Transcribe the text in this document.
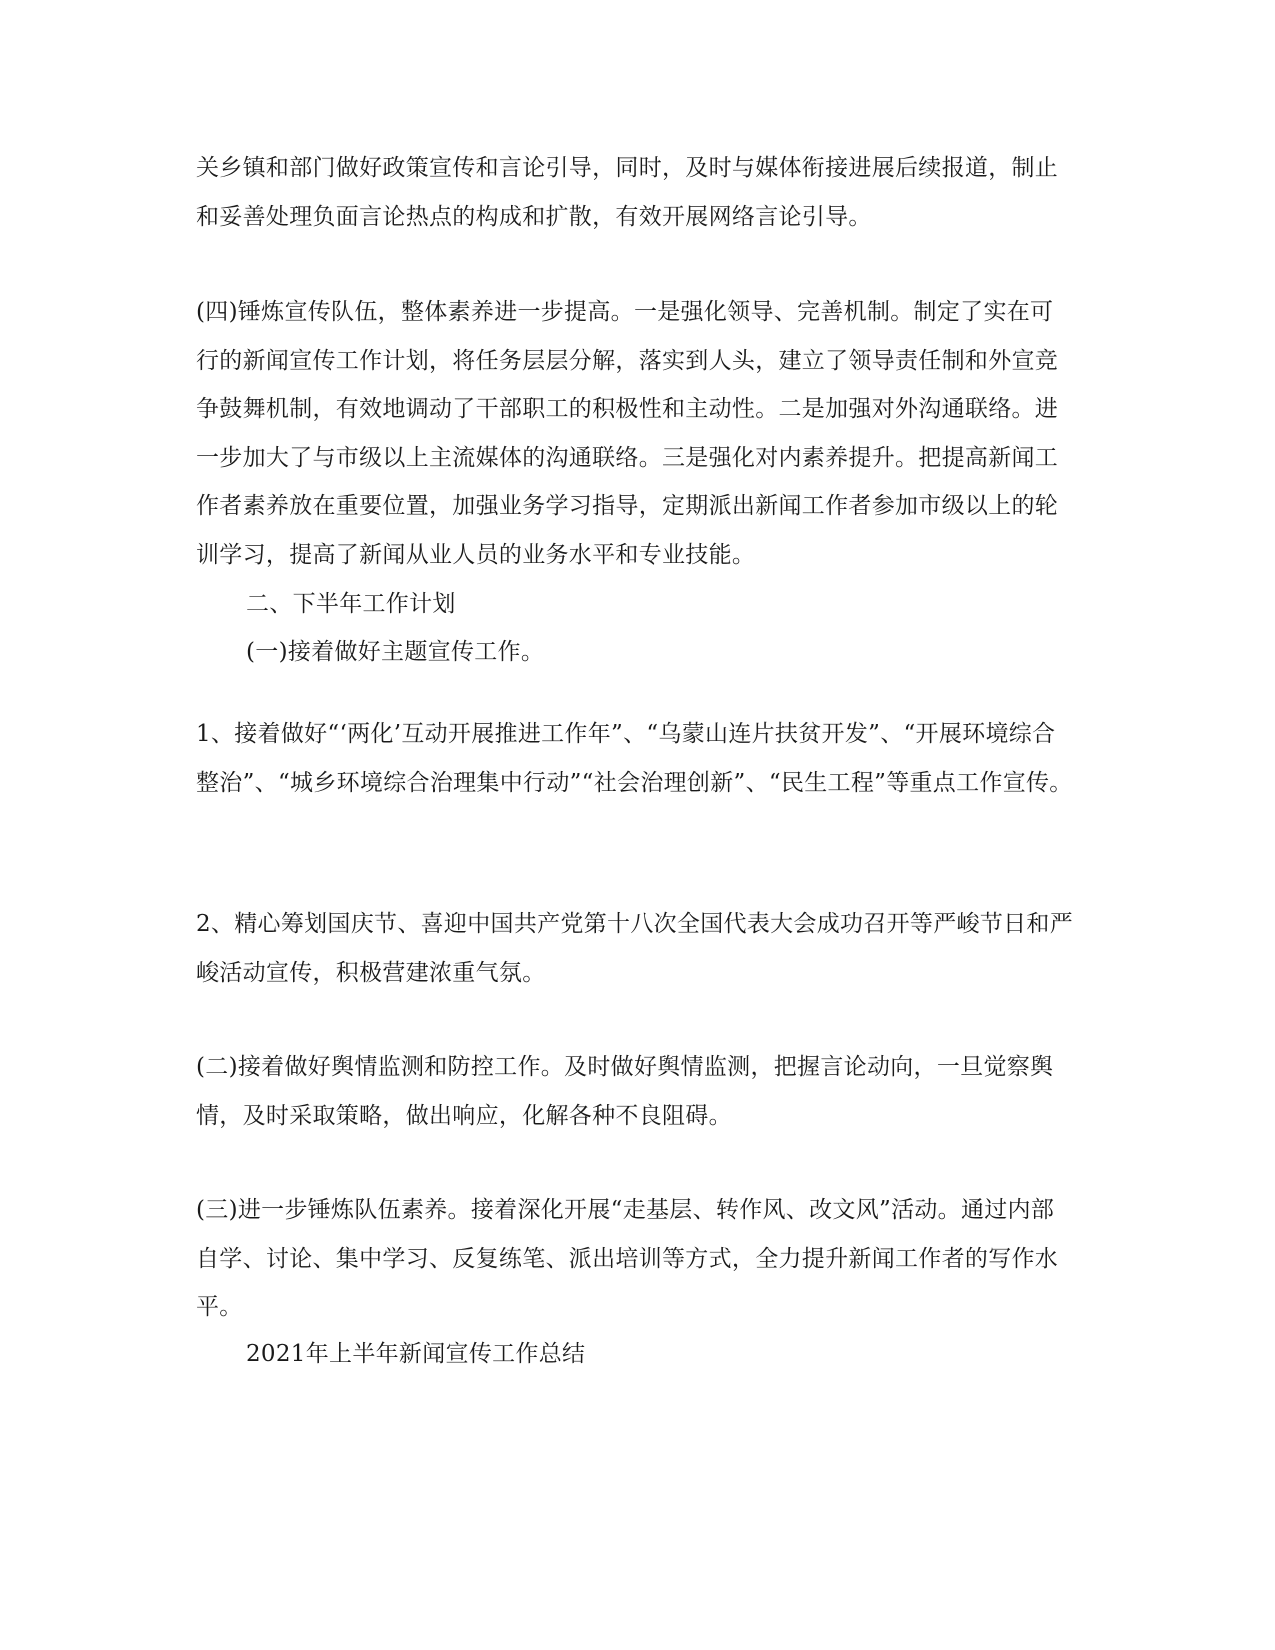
关乡镇和部门做好政策宣传和言论引导，同时，及时与媒体衔接进展后续报道，制止和妥善处理负面言论热点的构成和扩散，有效开展网络言论引导。

(四)锤炼宣传队伍，整体素养进一步提高。一是强化领导、完善机制。制定了实在可行的新闻宣传工作计划，将任务层层分解，落实到人头，建立了领导责任制和外宣竞争鼓舞机制，有效地调动了干部职工的积极性和主动性。二是加强对外沟通联络。进一步加大了与市级以上主流媒体的沟通联络。三是强化对内素养提升。把提高新闻工作者素养放在重要位置，加强业务学习指导，定期派出新闻工作者参加市级以上的轮训学习，提高了新闻从业人员的业务水平和专业技能。

二、下半年工作计划

(一)接着做好主题宣传工作。

1、接着做好“‘两化’互动开展推进工作年”、“乌蒙山连片扶贫开发”、“开展环境综合整治”、“城乡环境综合治理集中行动”“社会治理创新”、“民生工程”等重点工作宣传。

2、精心筹划国庆节、喜迎中国共产党第十八次全国代表大会成功召开等严峻节日和严峻活动宣传，积极营建浓重气氛。

(二)接着做好舆情监测和防控工作。及时做好舆情监测，把握言论动向，一旦觉察舆情，及时采取策略，做出响应，化解各种不良阻碍。

(三)进一步锤炼队伍素养。接着深化开展“走基层、转作风、改文风”活动。通过内部自学、讨论、集中学习、反复练笔、派出培训等方式，全力提升新闻工作者的写作水平。

2021年上半年新闻宣传工作总结
